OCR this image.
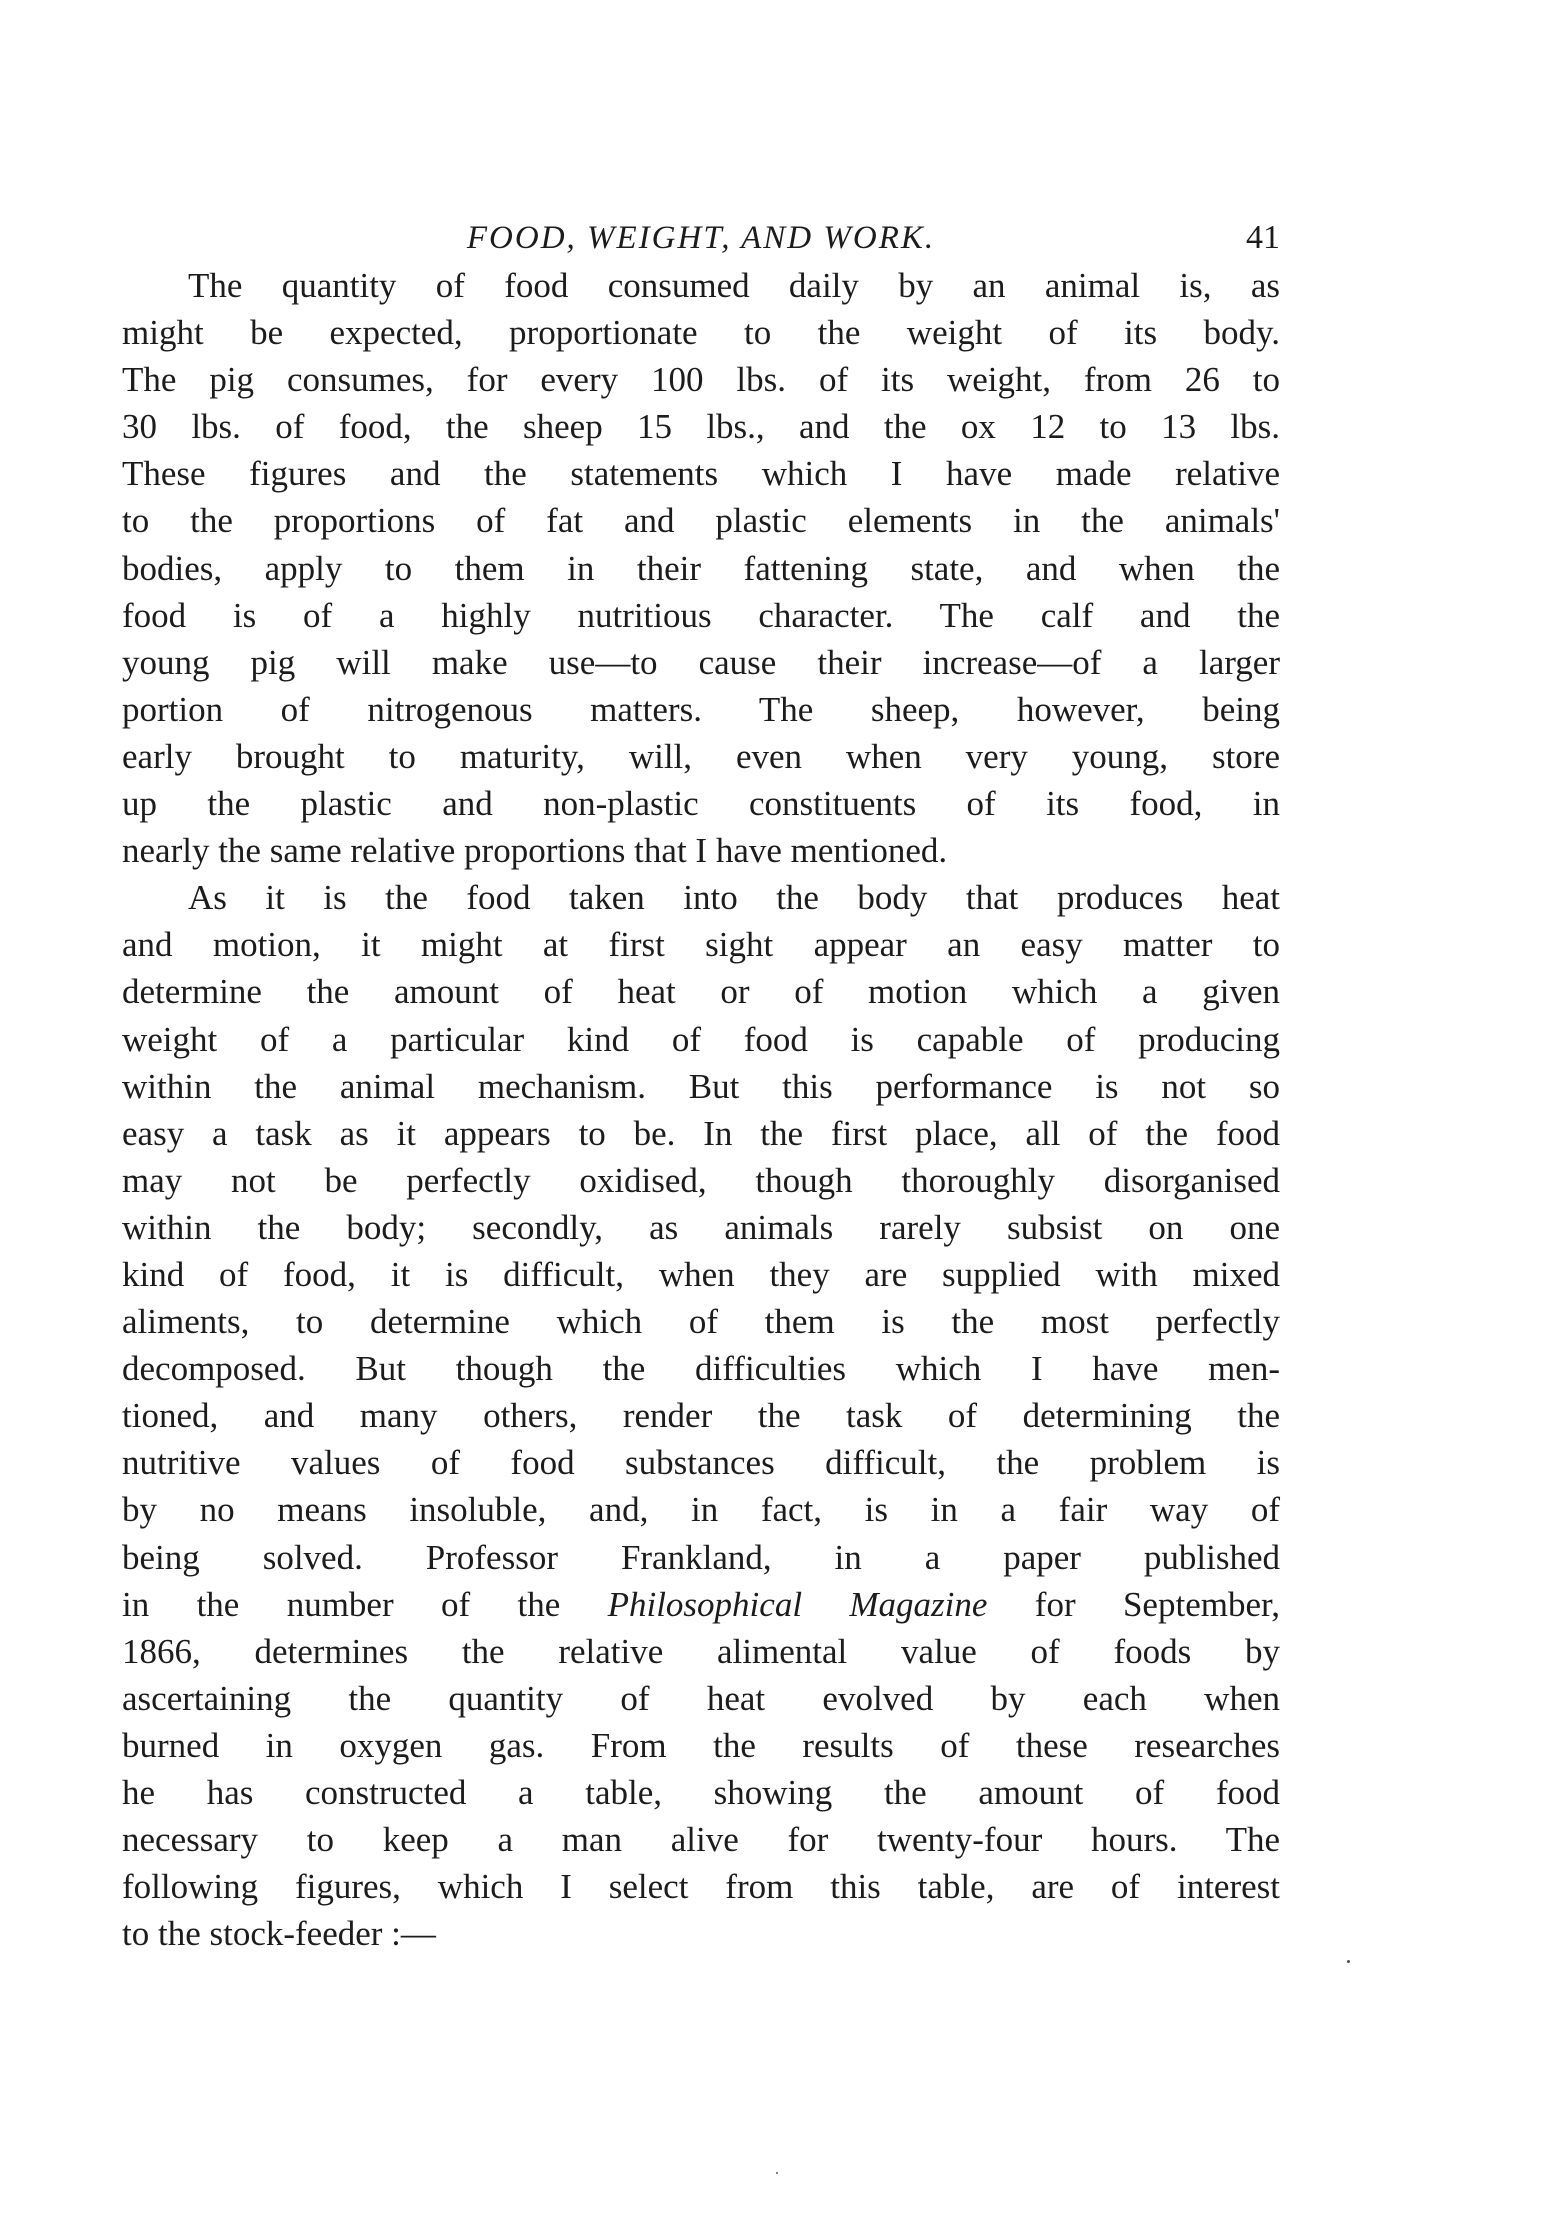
FOOD, WEIGHT, AND WORK.	41
The quantity of food consumed daily by an animal is, as
might be expected, proportionate to the weight of its body.
The pig consumes, for every 100 lbs. of its weight, from 26 to
30 lbs. of food, the sheep 15 lbs., and the ox 12 to 13 lbs.
These figures and the statements which I have made relative
to the proportions of fat and plastic elements in the animals'
bodies, apply to them in their fattening state, and when the
food is of a highly nutritious character. The calf and the
young pig will make use—to cause their increase—of a larger
portion of nitrogenous matters. The sheep, however, being
early brought to maturity, will, even when very young, store
up the plastic and non-plastic constituents of its food, in
nearly the same relative proportions that I have mentioned.
As it is the food taken into the body that produces heat
and motion, it might at first sight appear an easy matter to
determine the amount of heat or of motion which a given
weight of a particular kind of food is capable of producing
within the animal mechanism. But this performance is not so
easy a task as it appears to be. In the first place, all of the food
may not be perfectly oxidised, though thoroughly disorganised
within the body; secondly, as animals rarely subsist on one
kind of food, it is difficult, when they are supplied with mixed
aliments, to determine which of them is the most perfectly
decomposed. But though the difficulties which I have men-
tioned, and many others, render the task of determining the
nutritive values of food substances difficult, the problem is
by no means insoluble, and, in fact, is in a fair way of
being solved. Professor Frankland, in a paper published
in the number of the Philosophical Magazine for September,
1866, determines the relative alimental value of foods by
ascertaining the quantity of heat evolved by each when
burned in oxygen gas. From the results of these researches
he has constructed a table, showing the amount of food
necessary to keep a man alive for twenty-four hours. The
following figures, which I select from this table, are of interest
to the stock-feeder :—
